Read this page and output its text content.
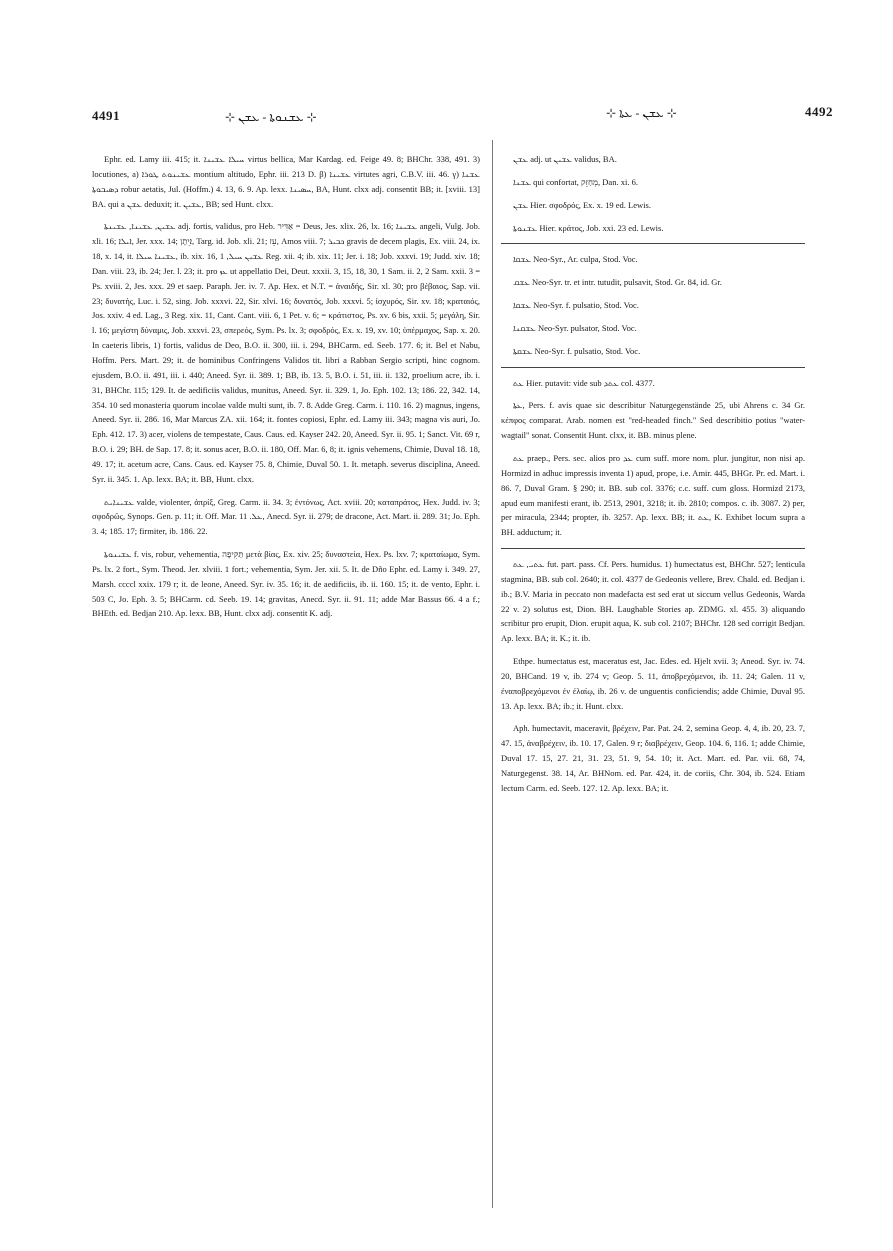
4491	⊹ ܥܫܢܘܬܐ - ܥܫܢ ⊹	⊹ ܥܫܢ - ܥܬܐ ⊹	4492

Ephr. ed. Lamy iii. 415; it. ܚܝܠܐ ܥܫܝܢܐ virtus bellica, Mar Kardag. ed. Feige 49. 8; BHChr. 338, 491. 3) locutiones, a) ܥܫܝܢܘܬ ܛܘܪܐ montium altitudo, Ephr. iii. 213 D. β) ܥܫܝܢܐ virtutes agri, C.B.V. iii. 46. γ) ܥܫܢܐ ܕܣܝܒܘܬܐ robur aetatis, Jul. (Hoffm.) 4. 13, 6. 9. Ap. lexx. ܚܣܝܢܐ, BA, Hunt. clxx adj. consentit BB; it. [xviii. 13] BA. qui a ܥܫܢ deduxit; it. ܥܫܝܢ, BB; sed Hunt. clxx.

ܥܫܝܢ, ܥܫܝܢܐ, ܥܫܝܢܬܐ adj. fortis, validus, pro Heb. אַדִּיר = Deus, Jes. xlix. 26, lx. 16; ܥܫܝܢܐ angeli, Vulg. Job. xli. 16; ܐܝܠܐ, Jer. xxx. 14; ܐֵיתָן, Targ. id. Job. xli. 21; עֵז, Amos viii. 7; ܟܒܝܪ gravis de decem plagis, Ex. viii. 24, ix. 18, x. 14, it. ܥܫܝܢܐ ܚܝܠܐ, ib. xix. 16, ܥܫܝܢ ܚܝܠ, 1 Reg. xii. 4; ib. xix. 11; Jer. i. 18; Job. xxxvi. 19; Judd. xiv. 18; Dan. viii. 23, ib. 24; Jer. l. 23; it. pro ܥܙ ut appellatio Dei, Deut. xxxii. 3, 15, 18, 30, 1 Sam. ii. 2, 2 Sam. xxii. 3 = Ps. xviii. 2, Jes. xxx. 29 et saep. Paraph. Jer. iv. 7. Ap. Hex. et N.T. = ἀναιδής, Sir. xl. 30; pro βέβαιος, Sap. vii. 23; δυνατὴς, Luc. i. 52, sing. Job. xxxvi. 22, Sir. xlvi. 16; δυνατός, Job. xxxvi. 5; ἰσχυρός, Sir. xv. 18; κραταιός, Jos. xxiv. 4 ed. Lag., 3 Reg. xix. 11, Cant. Cant. viii. 6, 1 Pet. v. 6; = κράτιστος, Ps. xv. 6 bis, xxii. 5; μεγάλη, Sir. l. 16; μεγίστη δύναμις, Job. xxxvi. 23, σπερεός, Sym. Ps. lx. 3; σφοδρός, Ex. x. 19, xv. 10; ὑπέρμαχος, Sap. x. 20. In caeteris libris, 1) fortis, validus de Deo, B.O. ii. 300, iii. i. 294, BHCarm. ed. Seeb. 177. 6; it. Bel et Nabu, Hoffm. Pers. Mart. 29; it. de hominibus Confringens Validos tit. libri a Rabban Sergio scripti, hinc cognom. ejusdem, B.O. ii. 491, iii. i. 440; Aneed. Syr. ii. 389. 1; BB, ib. 13. 5, B.O. i. 51, iii. ii. 132, proelium acre, ib. i. 31, BHChr. 115; 129. It. de aedificiis validus, munitus, Aneed. Syr. ii. 329. 1, Jo. Eph. 102. 13; 186. 22, 342. 14, 354. 10 sed monasteria quorum incolae valde multi sunt, ib. 7. 8. Adde Greg. Carm. i. 110. 16. 2) magnus, ingens, Aneed. Syr. ii. 286. 16, Mar Marcus ZA. xii. 164; it. fontes copiosi, Ephr. ed. Lamy iii. 343; magna vis auri, Jo. Eph. 412. 17. 3) acer, violens de tempestate, Caus. Caus. ed. Kayser 242. 20, Aneed. Syr. ii. 95. 1; Sanct. Vit. 69 r, B.O. i. 29; BH. de Sap. 17. 8; it. sonus acer, B.O. ii. 180, Off. Mar. 6, 8; it. ignis vehemens, Chimie, Duval 18. 18, 49. 17; it. acetum acre, Cans. Caus. ed. Kayser 75. 8, Chimie, Duval 50. 1. It. metaph. severus disciplina, Aneed. Syr. ii. 345. 1. Ap. lexx. BA; it. BB, Hunt. clxx.

ܥܫܝܢܐܝܬ valde, violenter, ἀπρίξ, Greg. Carm. ii. 34. 3; ἐντόνως, Act. xviii. 20; καταπράτος, Hex. Judd. iv. 3; σφοδρῶς, Synops. Gen. p. 11; it. Off. Mar. ܥܠ. 11, Anecd. Syr. ii. 279; de dracone, Act. Mart. ii. 289. 31; Jo. Eph. 3. 4; 185. 17; firmiter, ib. 186. 22.

ܥܫܝܢܘܬܐ f. vis, robur, vehementia, תַּקִּיפָה μετὰ βίας, Ex. xiv. 25; δυναστεία, Hex. Ps. lxv. 7; κραταίωμα, Sym. Ps. lx. 2 fort., Sym. Theod. Jer. xlviii. 1 fort.; vehementia, Sym. Jer. xii. 5. It. de Dño Ephr. ed. Lamy i. 349. 27, Marsh. ccccl xxix. 179 r; it. de leone, Aneed. Syr. iv. 35. 16; it. de aedificiis, ib. ii. 160. 15; it. de vento, Ephr. i. 503 C, Jo. Eph. 3. 5; BHCarm. cd. Seeb. 19. 14; gravitas, Anecd. Syr. ii. 91. 11; adde Mar Bassus 66. 4 a f.; BHEth. ed. Bedjan 210. Ap. lexx. BB, Hunt. clxx adj. consentit K. adj.

ܥܫܢ adj. ut ܥܫܝܢ validus, BA.

ܥܫܢܐ qui confortat, מְחַזֵּק, Dan. xi. 6.

ܥܫܢ Hier. σφοδρός, Ex. x. 19 ed. Lewis.

ܥܫܢܘܬܐ Hier. κράτος, Job. xxi. 23 ed. Lewis.

ܥܫܩܐ Neo-Syr., Ar. culpa, Stod. Voc.

ܥܫܩ Neo-Syr. tr. et intr. tutudit, pulsavit, Stod. Gr. 84, id. Gr.

ܥܫܩܐ Neo-Syr. f. pulsatio, Stod. Voc.

ܥܫܩܢܐ Neo-Syr. pulsator, Stod. Voc.

ܥܫܩܬܐ Neo-Syr. f. pulsatio, Stod. Voc.

ܥܬ Hier. putavit: vide sub ܥܬܕ col. 4377.

ܥܬܐ, Pers. f. avis quae sic describitur Naturgegenstände 25, ubi Ahrens c. 34 Gr. κέπφος comparat. Arab. nomen est "red-headed finch." Sed describitio potius "water-wagtail" sonat. Consentit Hunt. clxx, it. BB. minus plene.

ܥܬ praep., Pers. sec. alios pro ܥܕ cum suff. more nom. plur. jungitur, non nisi ap. Hormizd in adhuc impressis inventa 1) apud, prope, i.e. Amir. 445, BHGr. Pr. ed. Mart. i. 86. 7, Duval Gram. § 290; it. BB. sub col. 3376; c.c. suff. cum gloss. Hormizd 2173, apud eum manifesti erant, ib. 2513, 2901, 3218; it. ib. 2810; compos. c. ib. 3087. 2) per, per miracula, 2344; propter, ib. 3257. Ap. lexx. BB; it. ܥܬ, K. Exhibet locum supra a BH. adductum; it.

ܥܬܝ, ܥܬ fut. part. pass. Cf. Pers. humidus. 1) humectatus est, BHChr. 527; lenticula stagmina, BB. sub col. 2640; it. col. 4377 de Gedeonis vellere, Brev. Chald. ed. Bedjan i. ib.; B.V. Maria in peccato non madefacta est sed erat ut siccum vellus Gedeonis, Warda 22 v. 2) solutus est, Dion. BH. Laughable Stories ap. ZDMG. xl. 455. 3) aliquando scribitur pro erupit, Dion. erupit aqua, K. sub col. 2107; BHChr. 128 sed corrigit Bedjan. Ap. lexx. BA; it. K.; it. ib.

Ethpe. humectatus est, maceratus est, Jac. Edes. ed. Hjelt xvii. 3; Aneod. Syr. iv. 74. 20, BHCand. 19 v, ib. 274 v; Geop. 5. 11, ἀποβρεχόμενοι, ib. 11. 24; Galen. 11 v, ἐναποβρεχόμενοι ἐν ἐλαίῳ, ib. 26 v. de unguentis conficiendis; adde Chimie, Duval 95. 13. Ap. lexx. BA; ib.; it. Hunt. clxx.

Aph. humectavit, maceravit, βρέχειν, Par. Pat. 24. 2, semina Geop. 4, 4, ib. 20, 23. 7, 47. 15, ἀναβρέχειν, ib. 10. 17, Galen. 9 r; διαβρέχειν, Geop. 104. 6, 116. 1; adde Chimie, Duval 17. 15, 27. 21, 31. 23, 51. 9, 54. 10; it. Act. Mart. ed. Par. vii. 68, 74, Naturgegenst. 38. 14, Ar. BHNom. ed. Par. 424, it. de coriis, Chr. 304, ib. 524. Etiam lectum Carm. ed. Seeb. 127. 12. Ap. lexx. BA; it.
